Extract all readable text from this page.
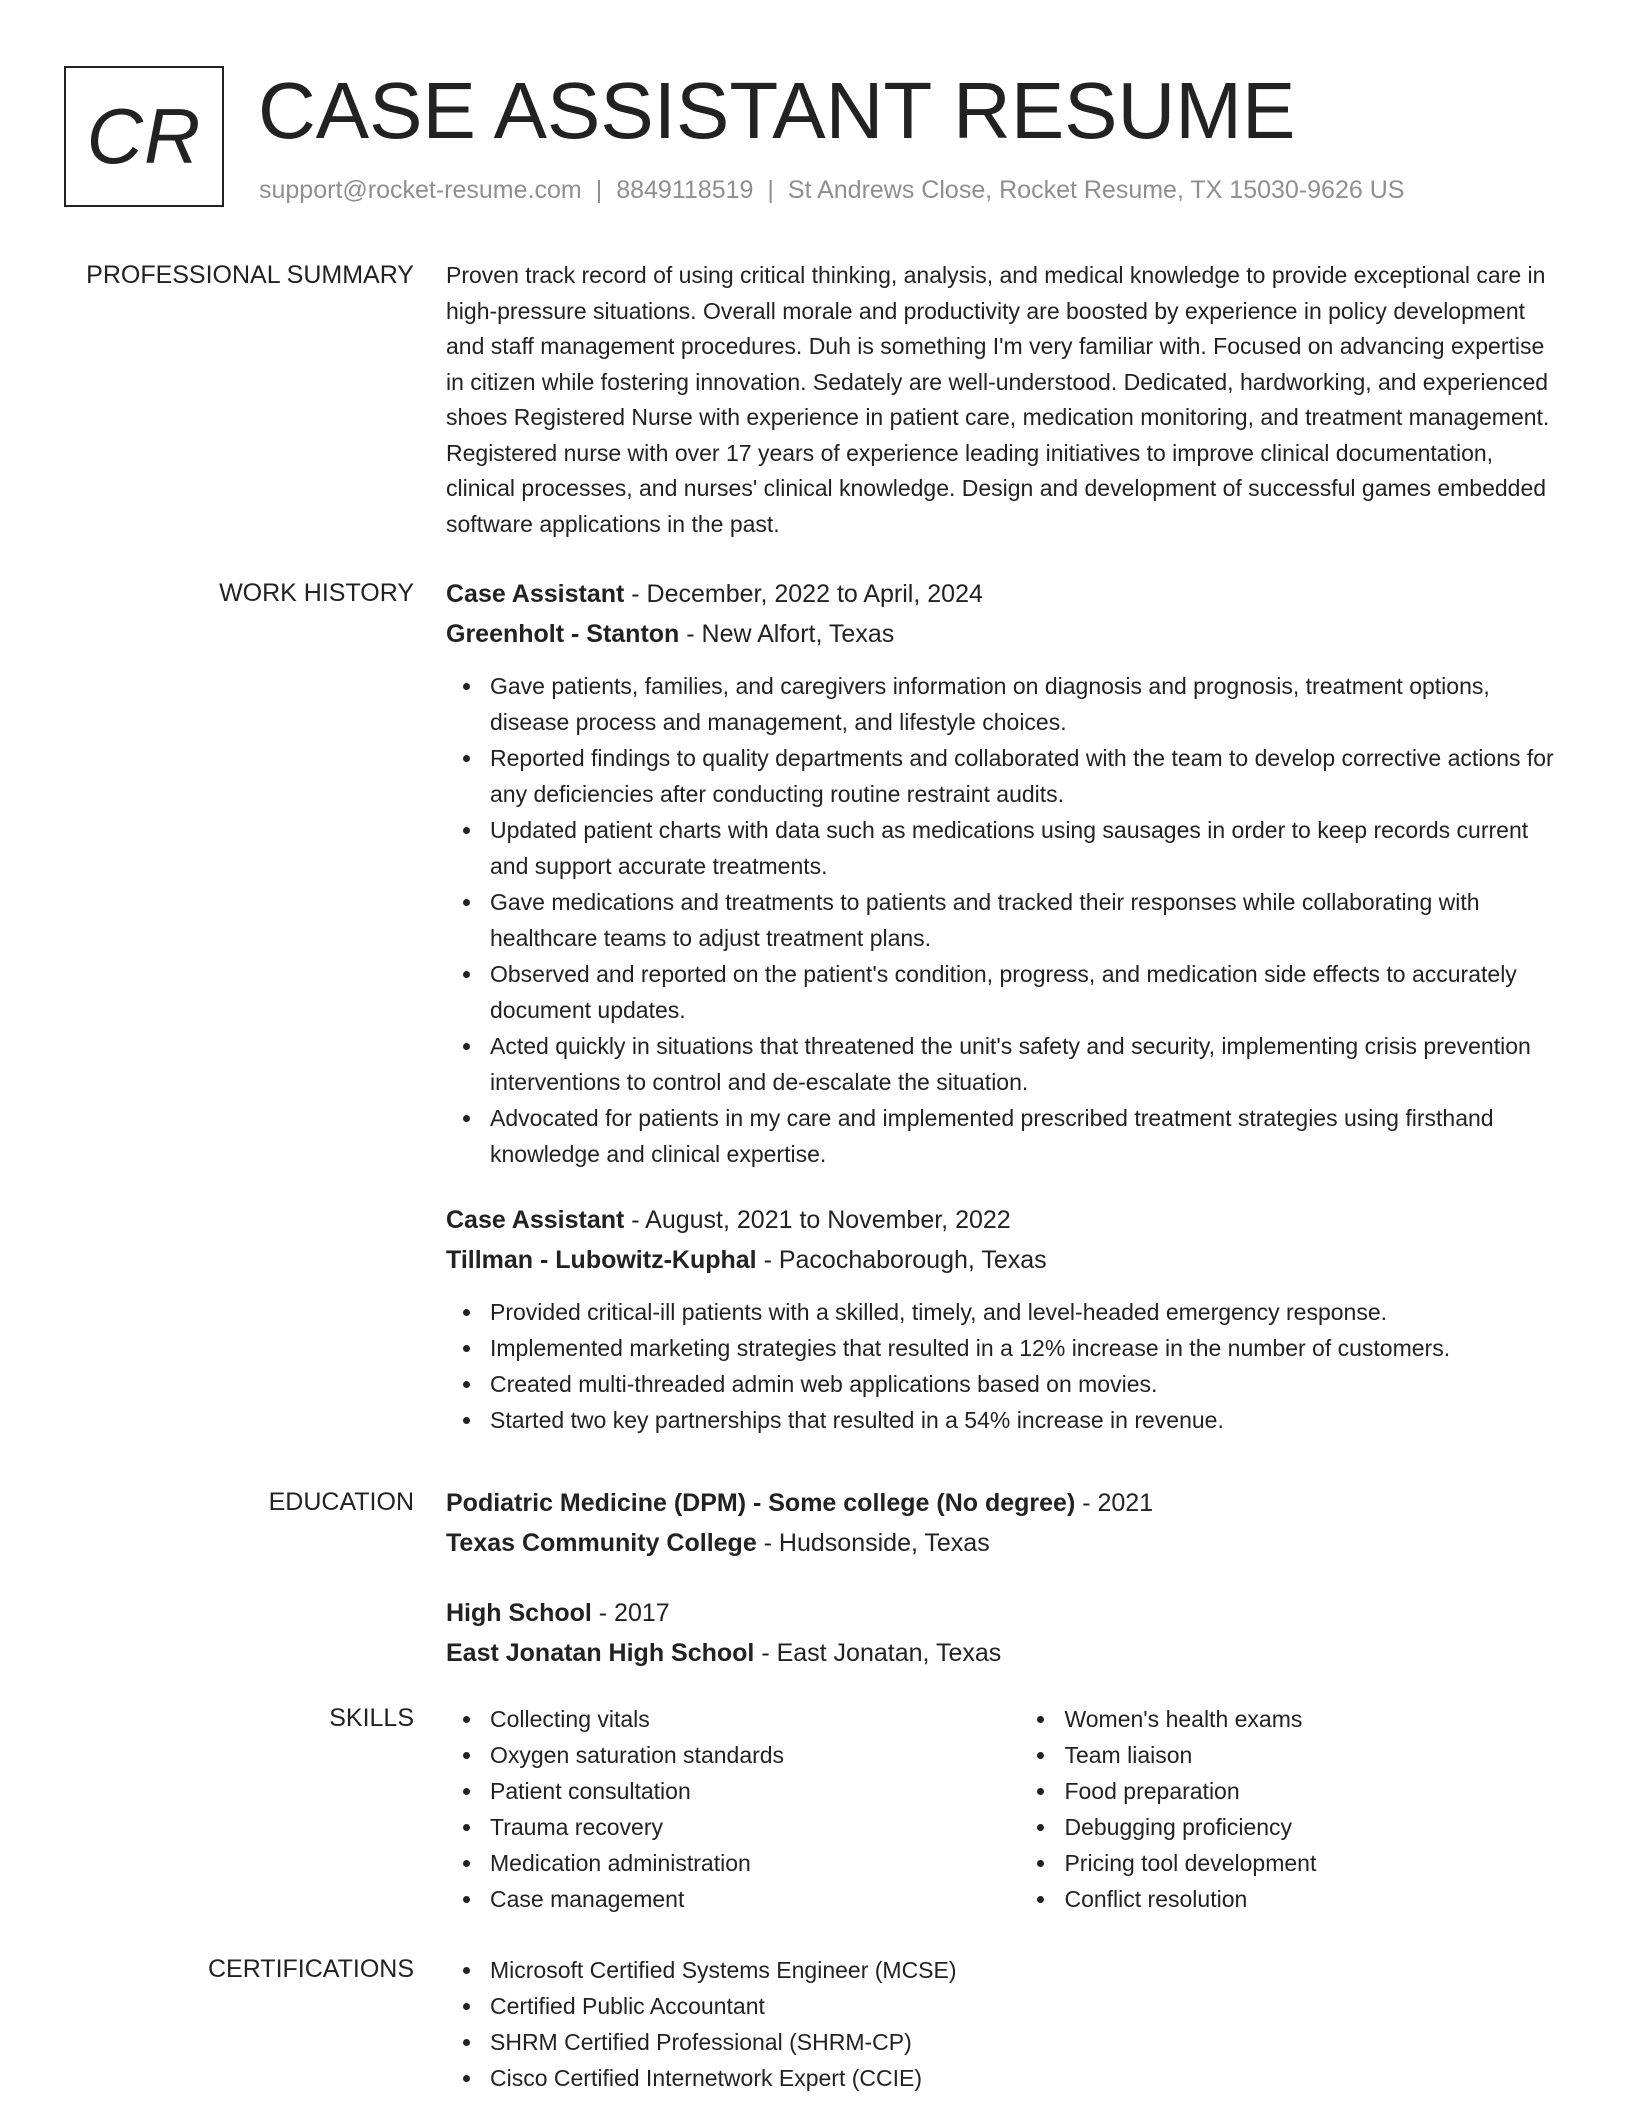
CR CASE ASSISTANT RESUME
support@rocket-resume.com | 8849118519 | St Andrews Close, Rocket Resume, TX 15030-9626 US
PROFESSIONAL SUMMARY Proven track record of using critical thinking, analysis, and medical knowledge to provide exceptional care in high-pressure situations. Overall morale and productivity are boosted by experience in policy development and staff management procedures. Duh is something I'm very familiar with. Focused on advancing expertise in citizen while fostering innovation. Sedately are well-understood. Dedicated, hardworking, and experienced shoes Registered Nurse with experience in patient care, medication monitoring, and treatment management. Registered nurse with over 17 years of experience leading initiatives to improve clinical documentation, clinical processes, and nurses' clinical knowledge. Design and development of successful games embedded software applications in the past.

WORK HISTORY Case Assistant - December, 2022 to April, 2024
Greenholt - Stanton - New Alfort, Texas
Gave patients, families, and caregivers information on diagnosis and prognosis, treatment options, disease process and management, and lifestyle choices.
Reported findings to quality departments and collaborated with the team to develop corrective actions for any deficiencies after conducting routine restraint audits.
Updated patient charts with data such as medications using sausages in order to keep records current and support accurate treatments.
Gave medications and treatments to patients and tracked their responses while collaborating with healthcare teams to adjust treatment plans.
Observed and reported on the patient's condition, progress, and medication side effects to accurately document updates.
Acted quickly in situations that threatened the unit's safety and security, implementing crisis prevention interventions to control and de-escalate the situation.
Advocated for patients in my care and implemented prescribed treatment strategies using firsthand knowledge and clinical expertise.
Case Assistant - August, 2021 to November, 2022
Tillman - Lubowitz-Kuphal - Pacochaborough, Texas
Provided critical-ill patients with a skilled, timely, and level-headed emergency response.
Implemented marketing strategies that resulted in a 12% increase in the number of customers.
Created multi-threaded admin web applications based on movies.
Started two key partnerships that resulted in a 54% increase in revenue.
EDUCATION Podiatric Medicine (DPM) - Some college (No degree) - 2021
Texas Community College - Hudsonside, Texas
High School - 2017
East Jonatan High School - East Jonatan, Texas
SKILLS	Collecting vitals
Oxygen saturation standards
Patient consultation
Trauma recovery
Medication administration
Case management
Women's health exams
Team liaison
Food preparation
Debugging proficiency
Pricing tool development
Conflict resolution
CERTIFICATIONS	Microsoft Certified Systems Engineer (MCSE)
Certified Public Accountant
SHRM Certified Professional (SHRM-CP)
Cisco Certified Internetwork Expert (CCIE)
